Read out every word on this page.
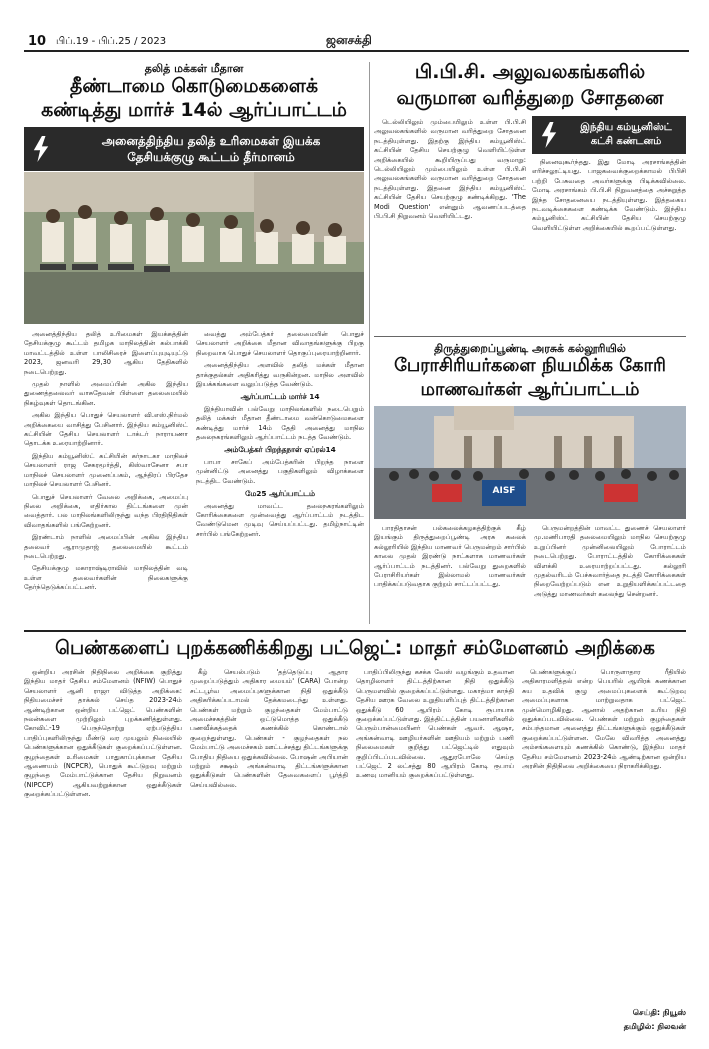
10 பிப்.19 - பிப்.25 / 2023	ஜனசக்தி
தலித் மக்கள் மீதான
தீண்டாமை கொடுமைகளைக்
கண்டித்து மார்ச் 14ல் ஆர்ப்பாட்டம்
அனைத்திந்திய தலித் உரிமைகள் இயக்க
தேசியக்குழு கூட்டம் தீர்மானம்

அனைத்திந்திய தலித் உரிமைகள் இயக்கத்தின் தேசியக்குழு கூட்டம் தமிழக மாநிலத்தின் கல்பாக்கி மாவட்டத்தில் உள்ள பாலிசிரைச் இளைப்புயுடியுட்டு 2023, ஜனவரி 29,30 ஆகிய தேதிகளில் நடைபெற்றது.

முதல் நாளில் அமைப்பின் அகில இந்திய துணைத்தலைவர் வாசுதேவன் பிள்ளை தலைமையில் நிகழ்வுகள் தொடங்கின.

அகில இந்திய பொதுச் செயலாளர் வி.எஸ்.நிர்மல் அறிக்கையை வாசித்து பேசினார். இந்திய கம்யூனிஸ்ட் கட்சியின் தேசிய செயலாளர் டாக்டர் நாராயணா தொடக்க உரையாற்றினார்.

இந்திய கம்யூனிஸ்ட் கட்சியின் கர்நாடகா மாநிலச் செயலாளர் ராஜ சேகரமூர்த்தி, கிஸ்வாசேனா சபா மாநிலச் செயலாளர் முனைப்பகம், ஆந்திரப் பிரதேச மாநிலச் செயலாளர் பேசினர்.

பொதுச் செயலாளர் வேலை அறிக்கை, அமைப்பு நிலை அறிக்கை, எதிர்கால திட்டங்களை முன் வைத்தார். பல மாநிலங்களிலிருந்து வந்த பிரதிநிதிகள் விவாதங்களில் பங்கேற்றனர்.

இரண்டாம் நாளில் அமைப்பின் அகில இந்திய தலைவர் ஆராமுதாஜ் தலைமையில் கூட்டம் நடைபெற்றது.

தேசியக்குழு மகாராஷ்டிராவில் மாநிலத்தின் வடி உள்ள தலைவர்களின் நிலைகளுக்கு தேர்ந்தெடுக்கப்பட்டனர்.

வைத்து அம்பேத்கர் தலைமையின் பொதுச் செயலாளர் அறிக்கை மீதான விவாதங்களுக்கு பிறகு நிறைவாக பொதுச் செயலாளர் தொகுப்புரையாற்றினார்.

அனைத்திந்திய அளவில் தலித் மக்கள் மீதான தாக்குதல்கள் அதிகரித்து வருகின்றன. மாநில அளவில் இயக்கங்களை வலுப்படுத்த வேண்டும்.

ஆர்ப்பாட்டம் மார்ச் 14

இந்தியாவின் பல்வேறு மாநிலங்களில் நடைபெறும் தலித் மக்கள் மீதான தீண்டாமை வன்கொடுமைகளை கண்டித்து மார்ச் 14ம் தேதி அனைத்து மாநில தலைநகரங்களிலும் ஆர்ப்பாட்டம் நடத்த வேண்டும்.

அம்பேத்கர் பிறந்தநாள் ஏப்ரல்14

பாபா சாகேப் அம்பேத்கரின் பிறந்த நாளை முன்னிட்டு அனைத்து பகுதிகளிலும் விழாக்களை நடத்திட வேண்டும்.

மே25 ஆர்ப்பாட்டம்

அனைத்து மாவட்ட தலைநகரங்களிலும் கோரிக்கைகளை முன்வைத்து ஆர்ப்பாட்டம் நடத்திட வேண்டுமென முடிவு செய்யப்பட்டது. தமிழ்நாட்டின் சார்பில் பங்கேற்றனர்.

பி.பி.சி. அலுவலகங்களில்
வருமான வரித்துறை சோதனை

டெல்லியிலும் மும்பையிலும் உள்ள பி.பி.சி அலுவலகங்களில் வருமான வரித்துறை சோதனை நடத்தியுள்ளது. இதற்கு இந்திய கம்யூனிஸ்ட் கட்சியின் தேசிய செயற்குழு வெளியிட்டுள்ள அறிக்கையில் கூறியிருப்பது வருமாறு: டெல்லியிலும் மும்பையிலும் உள்ள பி.பி.சி அலுவலகங்களில் வருமான வரித்துறை சோதனை நடத்தியுள்ளது. இதனை இந்திய கம்யூனிஸ்ட் கட்சியின் தேசிய செயற்குழு கண்டிக்கிறது. 'The Modi Question' என்னும் ஆவணப்படத்தை பி.பி.சி நிறுவனம் வெளியிட்டது.

இந்திய கம்யூனிஸ்ட்
கட்சி கண்டனம்

நினைவுகூர்ந்தது. இது மோடி அரசாங்கத்தின் எரிச்சலூட்டியது. பாஜகவைக்குறைக்காமல் பிபிசி பற்றி பேசுவதை அவர்களுக்கு பிடிக்கவில்லை. மோடி அரசாங்கம் பி.பி.சி நிறுவனத்தை அச்சுறுத்த இந்த சோதனையை நடத்தியுள்ளது. இத்தகைய நடவடிக்கைகளை கண்டிக்க வேண்டும். இந்திய கம்யூனிஸ்ட் கட்சியின் தேசிய செயற்குழு வெளியிட்டுள்ள அறிக்கையில் கூறப்பட்டுள்ளது.

திருத்துறைப்பூண்டி அரசுக் கல்லூரியில்
பேராசிரியர்களை நியமிக்க கோரி
மாணவர்கள் ஆர்ப்பாட்டம்
AISF

பாரதிதாசன் பல்கலைக்கழகத்திற்குக் கீழ் இயங்கும் திருத்துறைப்பூண்டி அரசு கலைக் கல்லூரியில் இந்திய மாணவர் பெருமன்றம் சார்பில் காலை முதல் இரண்டு நாட்களாக மாணவர்கள் ஆர்ப்பாட்டம் நடத்தினர். பல்வேறு துறைகளில் பேராசிரியர்கள் இல்லாமல் மாணவர்கள் பாதிக்கப்படுவதாக குற்றம் சாட்டப்பட்டது.

பெருமன்றத்தின் மாவட்ட துணைச் செயலாளர் மு.மணிபாரதி தலைமையிலும் மாநில செயற்குழு உறுப்பினர் முன்னிலையிலும் போராட்டம் நடைபெற்றது. போராட்டத்தில் கோரிக்கைகள் விளக்கி உரையாற்றப்பட்டது. கல்லூரி முதல்வரிடம் பேச்சுவார்த்தை நடத்தி கோரிக்கைகள் நிறைவேற்றப்படும் என உறுதியளிக்கப்பட்டதை அடுத்து மாணவர்கள் கலைந்து சென்றனர்.

பெண்களைப் புறக்கணிக்கிறது பட்ஜெட்: மாதர் சம்மேளனம் அறிக்கை

ஒன்றிய அரசின் நிதிநிலை அறிக்கை குறித்து இந்திய மாதர் தேசிய சம்மேளனம் (NFIW) பொதுச் செயலாளர் ஆனி ராஜா விடுத்த அறிக்கை: நிதியமைச்சர் தாக்கல் செய்த 2023-24ம் ஆண்டிற்கான ஒன்றிய பட்ஜெட் பெண்களின் நலன்களை முற்றிலும் புறக்கணித்துள்ளது. கோவிட்-19 பெருந்தொற்று ஏற்படுத்திய பாதிப்புகளிலிருந்து மீண்டு வர முயலும் நிலையில் பெண்களுக்கான ஒதுக்கீடுகள் குறைக்கப்பட்டுள்ளன. குழந்தைகள் உரிமைகள் பாதுகாப்புக்கான தேசிய ஆணையம் (NCPCR), பொதுக் கூட்டுறவு மற்றும் குழந்தை மேம்பாட்டுக்கான தேசிய நிறுவனம் (NIPCCP) ஆகியவற்றுக்கான ஒதுக்கீடுகள் குறைக்கப்பட்டுள்ளன.

கீழ் செயல்படும் 'தத்தெடுப்பு ஆதார முறைப்படுத்தும் அதிகார மையம்' (CARA) போன்ற சட்டபூர்வ அமைப்புகளுக்கான நிதி ஒதுக்கீடு அதிகரிக்கப்படாமல் தேக்கமடைந்து உள்ளது. பெண்கள் மற்றும் குழந்தைகள் மேம்பாட்டு அமைச்சகத்தின் ஒட்டுமொத்த ஒதுக்கீடு பணவீக்கத்தைக் கணக்கில் கொண்டால் குறைந்துள்ளது. பெண்கள் - குழந்தைகள் நல மேம்பாட்டு அமைச்சகம் ஊட்டச்சத்து திட்டங்களுக்கு போதிய நிதியை ஒதுக்கவில்லை. போஷன் அபியான் மற்றும் சக்ஷம் அங்கன்வாடி திட்டங்களுக்கான ஒதுக்கீடுகள் பெண்களின் தேவைகளைப் பூர்த்தி செய்யவில்லை.

பாதிப்பிலிருந்து கசக்க வேஸ் வழங்கும் உதவான தொழிலாளர் திட்டத்திற்கான நிதி ஒதுக்கீடு பெருமளவில் குறைக்கப்பட்டுள்ளது. மகாத்மா காந்தி தேசிய ஊரக வேலை உறுதியளிப்புத் திட்டத்திற்கான ஒதுக்கீடு 60 ஆயிரம் கோடி ரூபாயாக குறைக்கப்பட்டுள்ளது. இத்திட்டத்தின் பயனாளிகளில் பெரும்பான்மையினர் பெண்கள் ஆவர். ஆஷா, அங்கன்வாடி ஊழியர்களின் ஊதியம் மற்றும் பணி நிலைமைகள் குறித்து பட்ஜெட்டில் எதுவும் குறிப்பிடப்படவில்லை. ஆதுரபோலே செய்த பட்ஜெட் 2 லட்சத்து 80 ஆயிரம் கோடி ரூபாய் உணவு மானியம் குறைக்கப்பட்டுள்ளது.

பெண்களுக்குப் பொருளாதார ரீதியில் அதிகாரமளித்தல் என்ற பெயரில் ஆயிரக் கணக்கான சுய உதவிக் குழு அமைப்புகளைக் கூட்டுறவு அமைப்புகளாக மாற்றுவதாக பட்ஜெட் முன்மொழிகிறது. ஆனால் அதற்கான உரிய நிதி ஒதுக்கப்படவில்லை. பெண்கள் மற்றும் குழந்தைகள் சம்பந்தமான அனைத்து திட்டங்களுக்கும் ஒதுக்கீடுகள் குறைக்கப்பட்டுள்ளன. மேலே விவரித்த அனைத்து அம்சங்களையும் கணக்கில் கொண்டு, இந்திய மாதர் தேசிய சம்மேளனம் 2023-24ம் ஆண்டிற்கான ஒன்றிய அரசின் நிதிநிலை அறிக்கையை நிராகரிக்கிறது.

செய்தி: நியூஸ்
தமிழில்: நிலவன்
